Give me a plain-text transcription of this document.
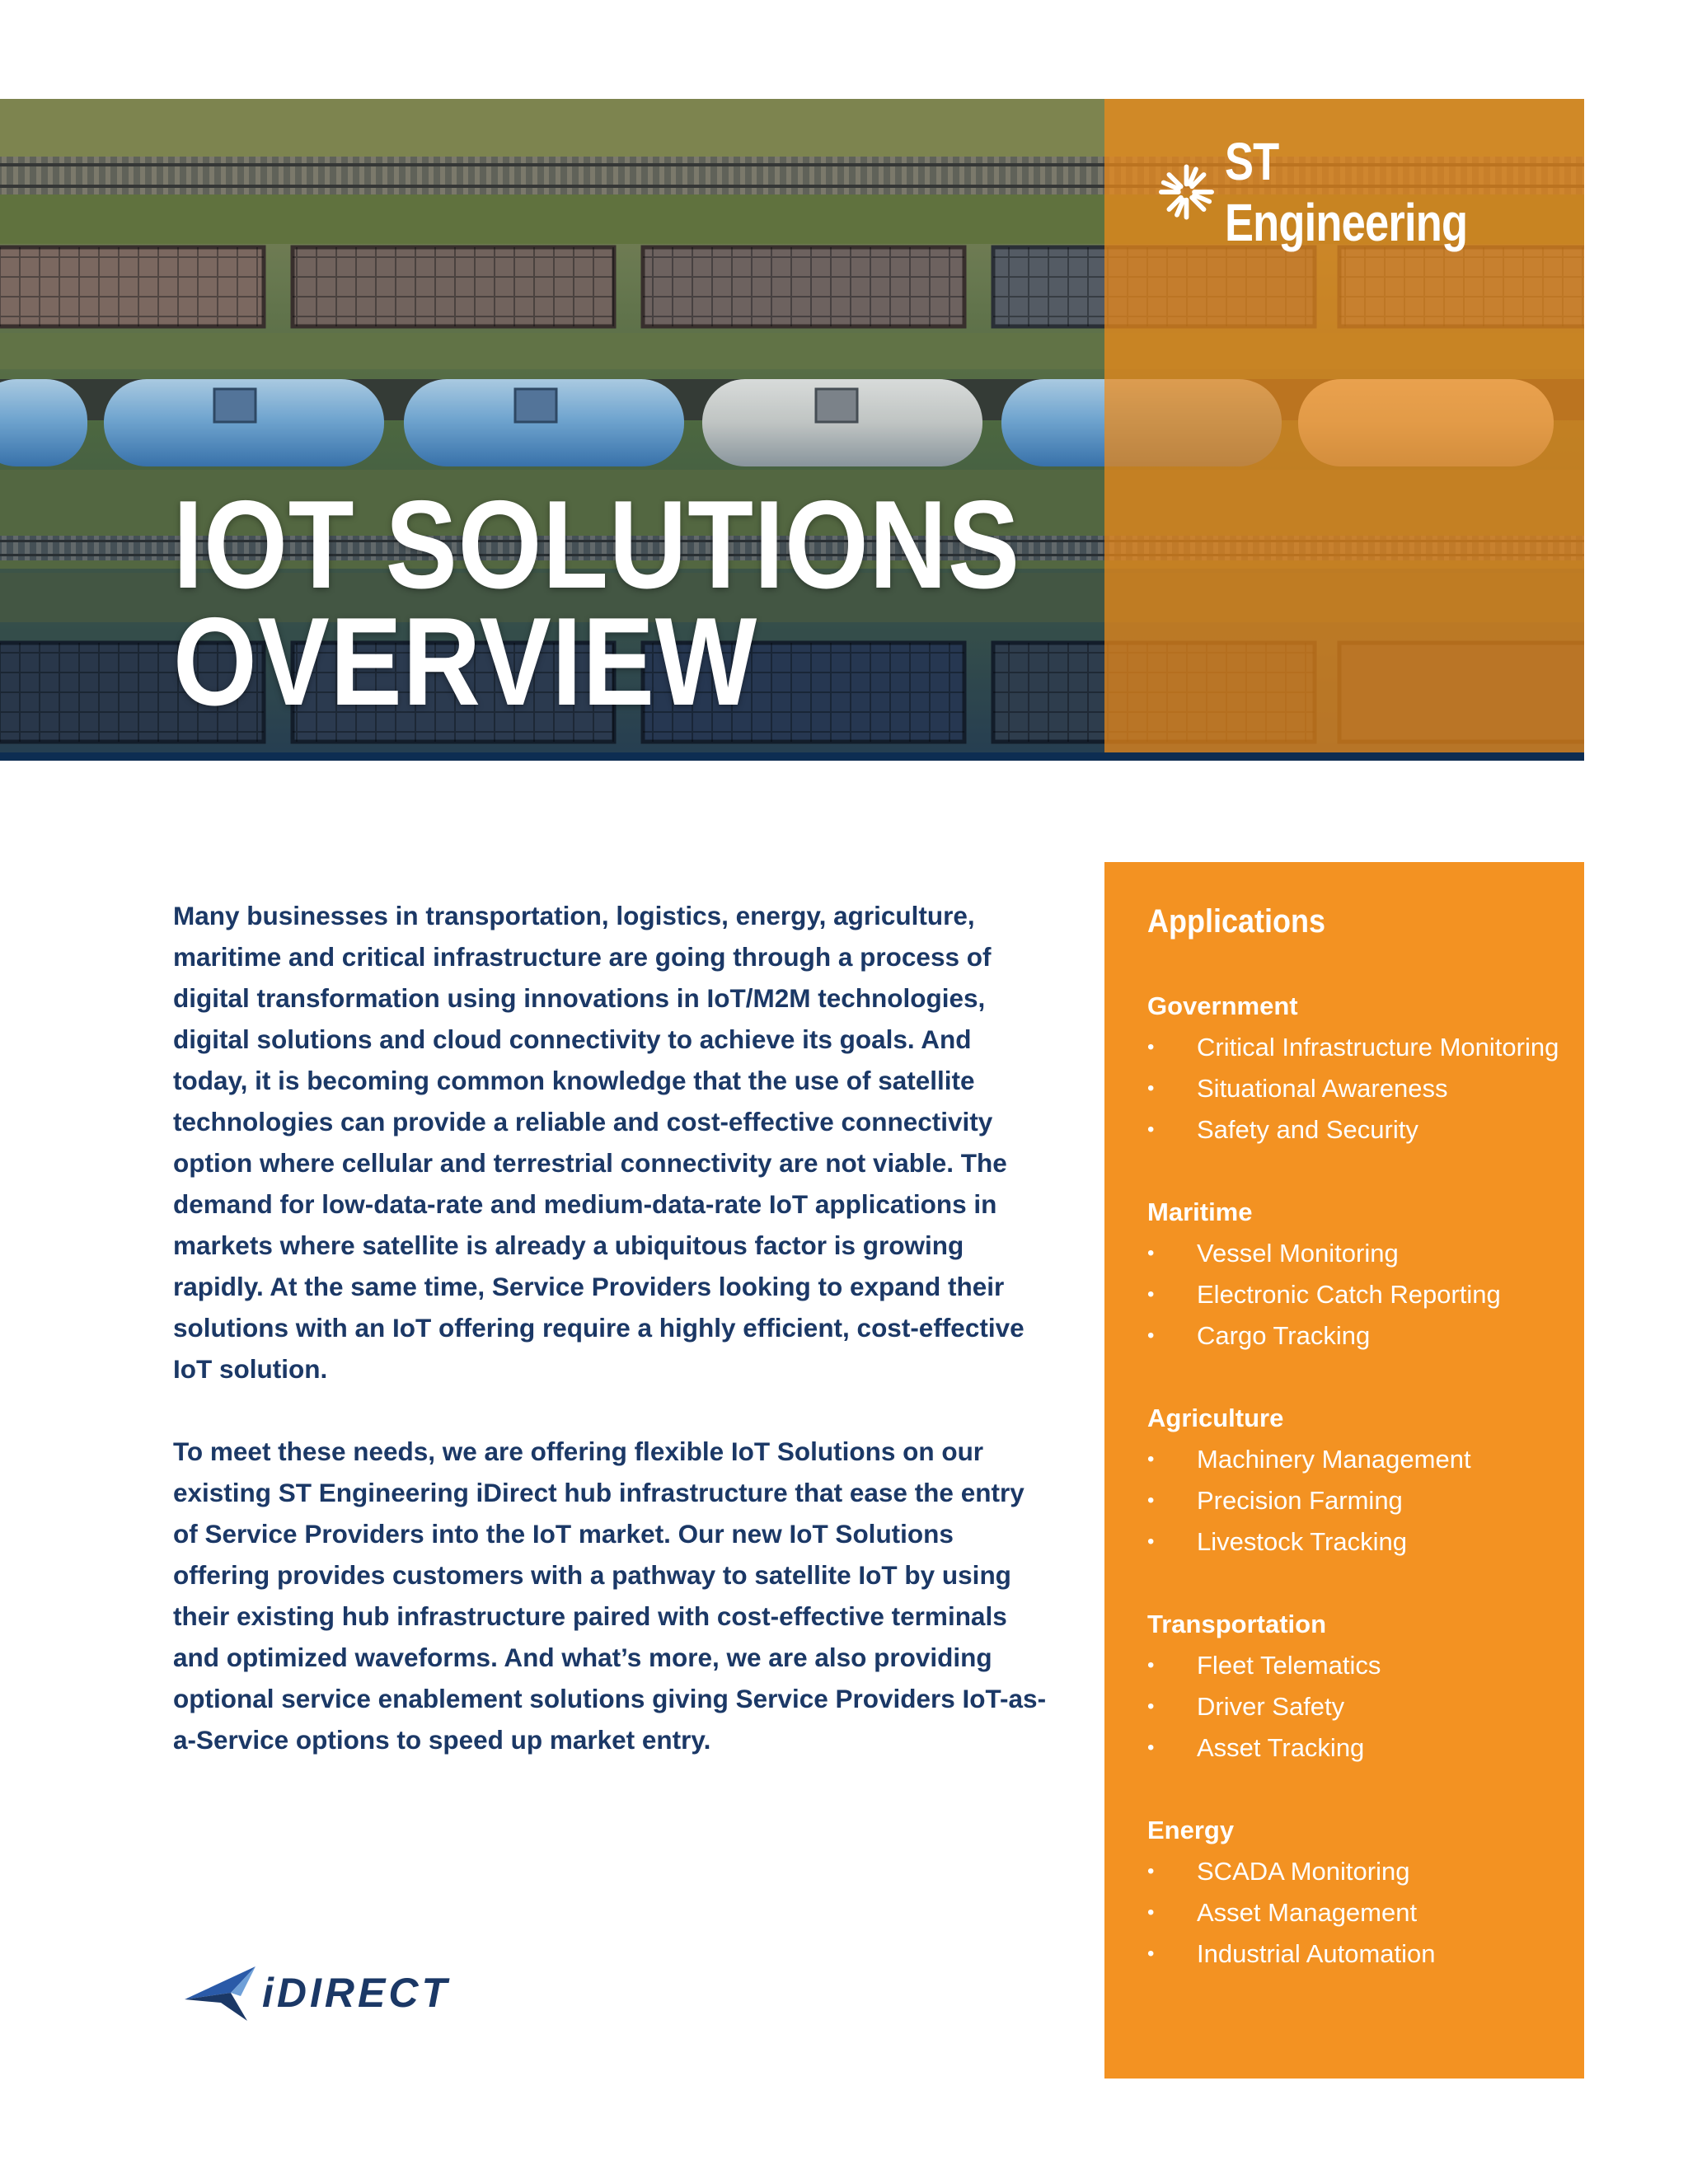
ST Engineering
IOT SOLUTIONS
OVERVIEW

Many businesses in transportation, logistics, energy, agriculture, maritime and critical infrastructure are going through a process of digital transformation using innovations in IoT/M2M technologies, digital solutions and cloud connectivity to achieve its goals. And today, it is becoming common knowledge that the use of satellite technologies can provide a reliable and cost-effective connectivity option where cellular and terrestrial connectivity are not viable. The demand for low-data-rate and medium-data-rate IoT applications in markets where satellite is already a ubiquitous factor is growing rapidly. At the same time, Service Providers looking to expand their solutions with an IoT offering require a highly efficient, cost-effective IoT solution.

To meet these needs, we are offering flexible IoT Solutions on our existing ST Engineering iDirect hub infrastructure that ease the entry of Service Providers into the IoT market. Our new IoT Solutions offering provides customers with a pathway to satellite IoT by using their existing hub infrastructure paired with cost-effective terminals and optimized waveforms. And what’s more, we are also providing optional service enablement solutions giving Service Providers IoT-as-a-Service options to speed up market entry.

Applications
Government
•	Critical Infrastructure Monitoring
•	Situational Awareness
•	Safety and Security
Maritime
•	Vessel Monitoring
•	Electronic Catch Reporting
•	Cargo Tracking
Agriculture
•	Machinery Management
•	Precision Farming
•	Livestock Tracking
Transportation
•	Fleet Telematics
•	Driver Safety
•	Asset Tracking
Energy
•	SCADA Monitoring
•	Asset Management
•	Industrial Automation
iDIRECT
